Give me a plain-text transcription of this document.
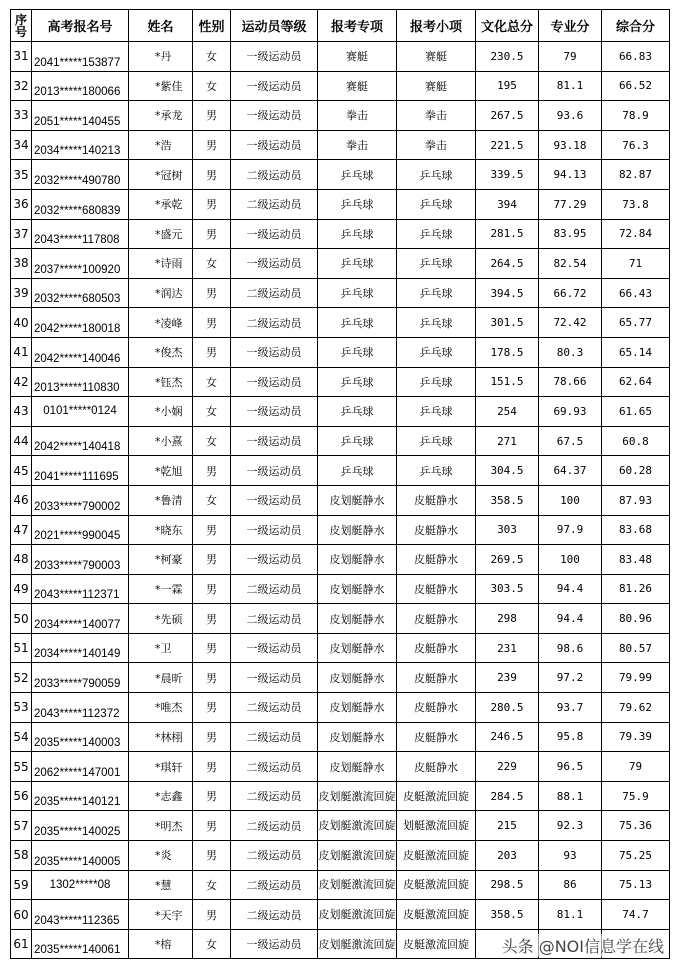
序号	高考报名号	姓名	性别	运动员等级	报考专项	报考小项	文化总分	专业分	综合分
31	2041*****153877	*丹	女	一级运动员	赛艇	赛艇	230.5	79	66.83
32	2013*****180066	*紫佳	女	一级运动员	赛艇	赛艇	195	81.1	66.52
33	2051*****140455	*承龙	男	一级运动员	拳击	拳击	267.5	93.6	78.9
34	2034*****140213	*浩	男	一级运动员	拳击	拳击	221.5	93.18	76.3
35	2032*****490780	*冠树	男	二级运动员	乒乓球	乒乓球	339.5	94.13	82.87
36	2032*****680839	*承乾	男	二级运动员	乒乓球	乒乓球	394	77.29	73.8
37	2043*****117808	*盛元	男	一级运动员	乒乓球	乒乓球	281.5	83.95	72.84
38	2037*****100920	*诗雨	女	一级运动员	乒乓球	乒乓球	264.5	82.54	71
39	2032*****680503	*润达	男	二级运动员	乒乓球	乒乓球	394.5	66.72	66.43
40	2042*****180018	*凌峰	男	二级运动员	乒乓球	乒乓球	301.5	72.42	65.77
41	2042*****140046	*俊杰	男	一级运动员	乒乓球	乒乓球	178.5	80.3	65.14
42	2013*****110830	*钰杰	女	一级运动员	乒乓球	乒乓球	151.5	78.66	62.64
43	0101*****0124	*小娴	女	一级运动员	乒乓球	乒乓球	254	69.93	61.65
44	2042*****140418	*小熹	女	一级运动员	乒乓球	乒乓球	271	67.5	60.8
45	2041*****111695	*乾旭	男	一级运动员	乒乓球	乒乓球	304.5	64.37	60.28
46	2033*****790002	*鲁清	女	一级运动员	皮划艇静水	皮艇静水	358.5	100	87.93
47	2021*****990045	*晓东	男	一级运动员	皮划艇静水	皮艇静水	303	97.9	83.68
48	2033*****790003	*柯豪	男	一级运动员	皮划艇静水	皮艇静水	269.5	100	83.48
49	2043*****112371	*一霖	男	二级运动员	皮划艇静水	皮艇静水	303.5	94.4	81.26
50	2034*****140077	*先硕	男	二级运动员	皮划艇静水	皮艇静水	298	94.4	80.96
51	2034*****140149	*卫	男	一级运动员	皮划艇静水	皮艇静水	231	98.6	80.57
52	2033*****790059	*晨昕	男	一级运动员	皮划艇静水	皮艇静水	239	97.2	79.99
53	2043*****112372	*唯杰	男	二级运动员	皮划艇静水	皮艇静水	280.5	93.7	79.62
54	2035*****140003	*林栩	男	二级运动员	皮划艇静水	皮艇静水	246.5	95.8	79.39
55	2062*****147001	*琪轩	男	二级运动员	皮划艇静水	皮艇静水	229	96.5	79
56	2035*****140121	*志鑫	男	二级运动员	皮划艇激流回旋	皮艇激流回旋	284.5	88.1	75.9
57	2035*****140025	*明杰	男	二级运动员	皮划艇激流回旋	划艇激流回旋	215	92.3	75.36
58	2035*****140005	*炎	男	二级运动员	皮划艇激流回旋	皮艇激流回旋	203	93	75.25
59	1302*****08	*慧	女	二级运动员	皮划艇激流回旋	皮艇激流回旋	298.5	86	75.13
60	2043*****112365	*天宇	男	二级运动员	皮划艇激流回旋	皮艇激流回旋	358.5	81.1	74.7
61	2035*****140061	*榕	女	一级运动员	皮划艇激流回旋	皮艇激流回旋			头条 @NOI信息学在线
